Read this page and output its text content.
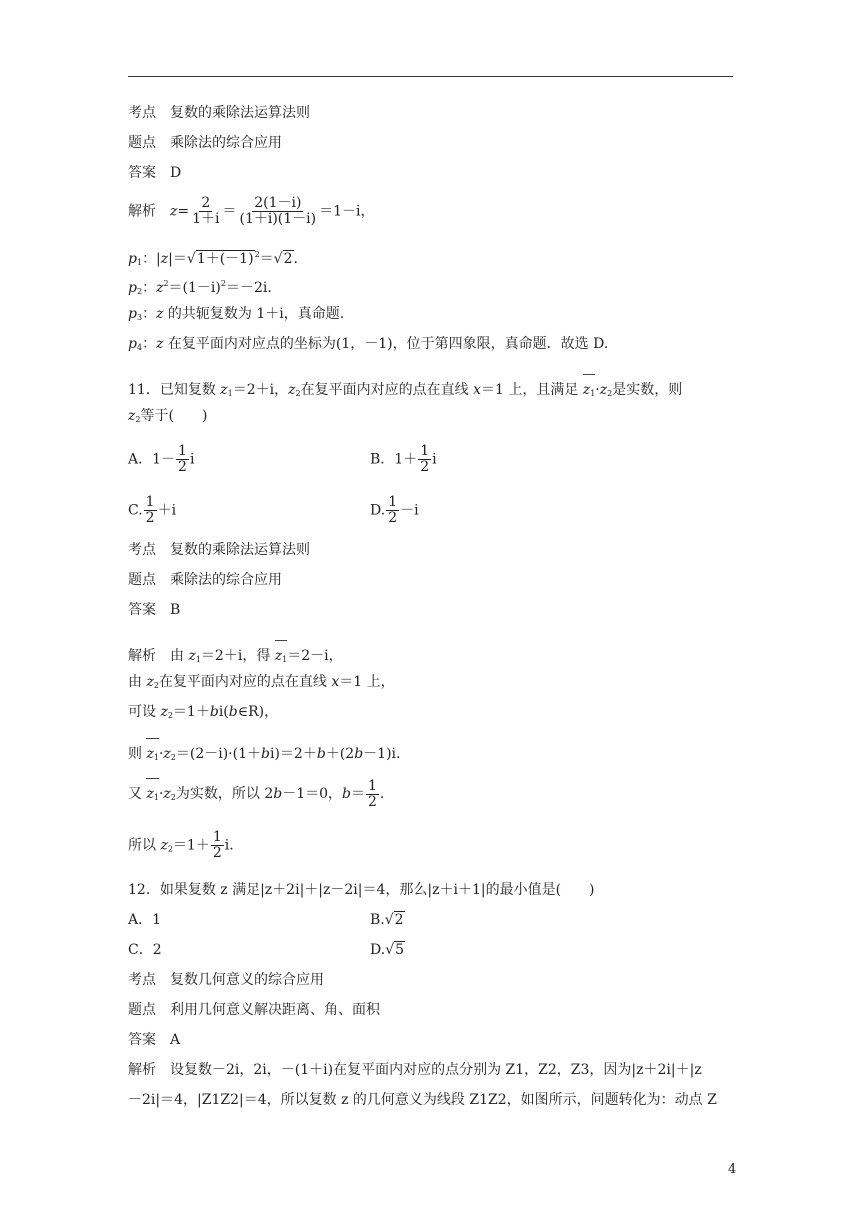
考点　复数的乘除法运算法则
题点　乘除法的综合应用
答案　D
解析　$z= \frac{2}{1+i} = \frac{2(1-i)}{(1+i)(1-i)} =1-i$，
$p_1$：$|z|=√1+(-1)^2=√2$.
$p_2$：$z^2=(1-i)^2=-2i$.
$p_3$：z 的共轭复数为 1＋i，真命题.
$p_4$：z 在复平面内对应点的坐标为(1，－1)，位于第四象限，真命题．故选 D.
11．已知复数 $z_1=2+i$，$z_2$在复平面内对应的点在直线 x＝1 上，且满足 $z_1\cdot z_2$是实数，则
$z_2$等于(　　)
A．$1- \frac{1}{2}$ i	B．$1+ \frac{1}{2}$ i
C. $\frac{1}{2} +i$	D. $\frac{1}{2} -i$
考点　复数的乘除法运算法则
题点　乘除法的综合应用
答案　B
解析　由 $z_1=2+i$，得 $z_1=2-i$，
由 $z_2$在复平面内对应的点在直线 x＝1 上，
可设 $z_2=1+bi(b\in R)$，
则 $z_1\cdot z_2=(2-i)\cdot(1+bi)=2+b+(2b-1)i$.
又 $z_1\cdot z_2$为实数，所以 2b－1＝0，$b= \frac{1}{2}$ .
所以 $z_2=1+ \frac{1}{2} i$.
12．如果复数 z 满足|z＋2i|＋|z－2i|＝4，那么|z＋i＋1|的最小值是(　　)
A．1	B.√2
C．2	D.√5
考点　复数几何意义的综合应用
题点　利用几何意义解决距离、角、面积
答案　A
解析　设复数－2i，2i，－(1＋i)在复平面内对应的点分别为 Z1，Z2，Z3，因为|z＋2i|＋|z
－2i|＝4，|Z1Z2|＝4，所以复数 z 的几何意义为线段 Z1Z2，如图所示，问题转化为：动点 Z
4
